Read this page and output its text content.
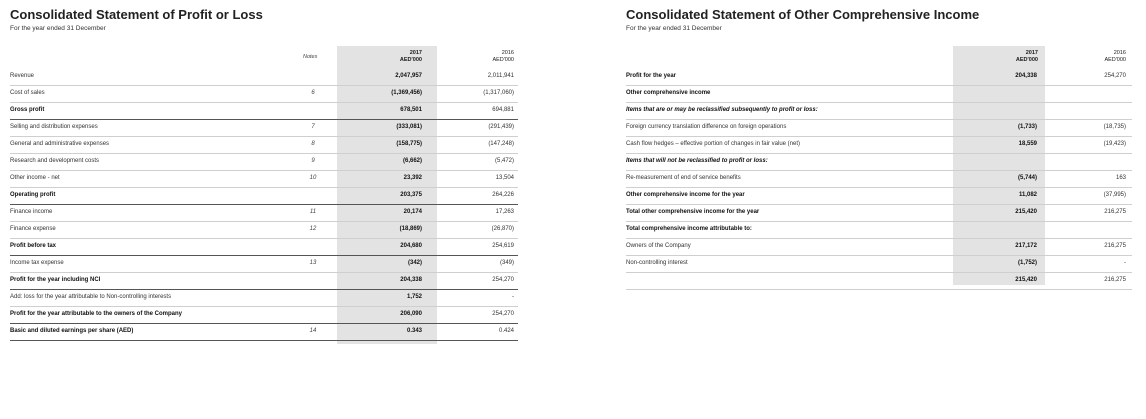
Consolidated Statement of Profit or Loss
For the year ended 31 December
Notes
2017
AED'000
2016
AED'000
Revenue	2,047,957	2,011,941
Cost of sales	6	(1,369,456)	(1,317,060)
Gross profit	678,501	694,881
Selling and distribution expenses	7	(333,081)	(291,439)
General and administrative expenses	8	(158,775)	(147,248)
Research and development costs	9	(6,662)	(5,472)
Other income - net	10	23,392	13,504
Operating profit	203,375	264,226
Finance income	11	20,174	17,263
Finance expense	12	(18,869)	(26,870)
Profit before tax	204,680	254,619
Income tax expense	13	(342)	(349)
Profit for the year including NCI	204,338	254,270
Add: loss for the year attributable to Non-controlling interests	1,752	-
Profit for the year attributable to the owners of the Company	206,090	254,270
Basic and diluted earnings per share (AED)	14	0.343	0.424
Consolidated Statement of Other Comprehensive Income
For the year ended 31 December
2017
AED'000
2016
AED'000
Profit for the year	204,338	254,270
Other comprehensive income
Items that are or may be reclassified subsequently to profit or loss:
Foreign currency translation difference on foreign operations	(1,733)	(18,735)
Cash flow hedges – effective portion of changes in fair value (net)	18,559	(19,423)
Items that will not be reclassified to profit or loss:
Re-measurement of end of service benefits	(5,744)	163
Other comprehensive income for the year	11,082	(37,995)
Total other comprehensive income for the year	215,420	216,275
Total comprehensive income attributable to:
Owners of the Company	217,172	216,275
Non-controlling interest	(1,752)	-
215,420	216,275
